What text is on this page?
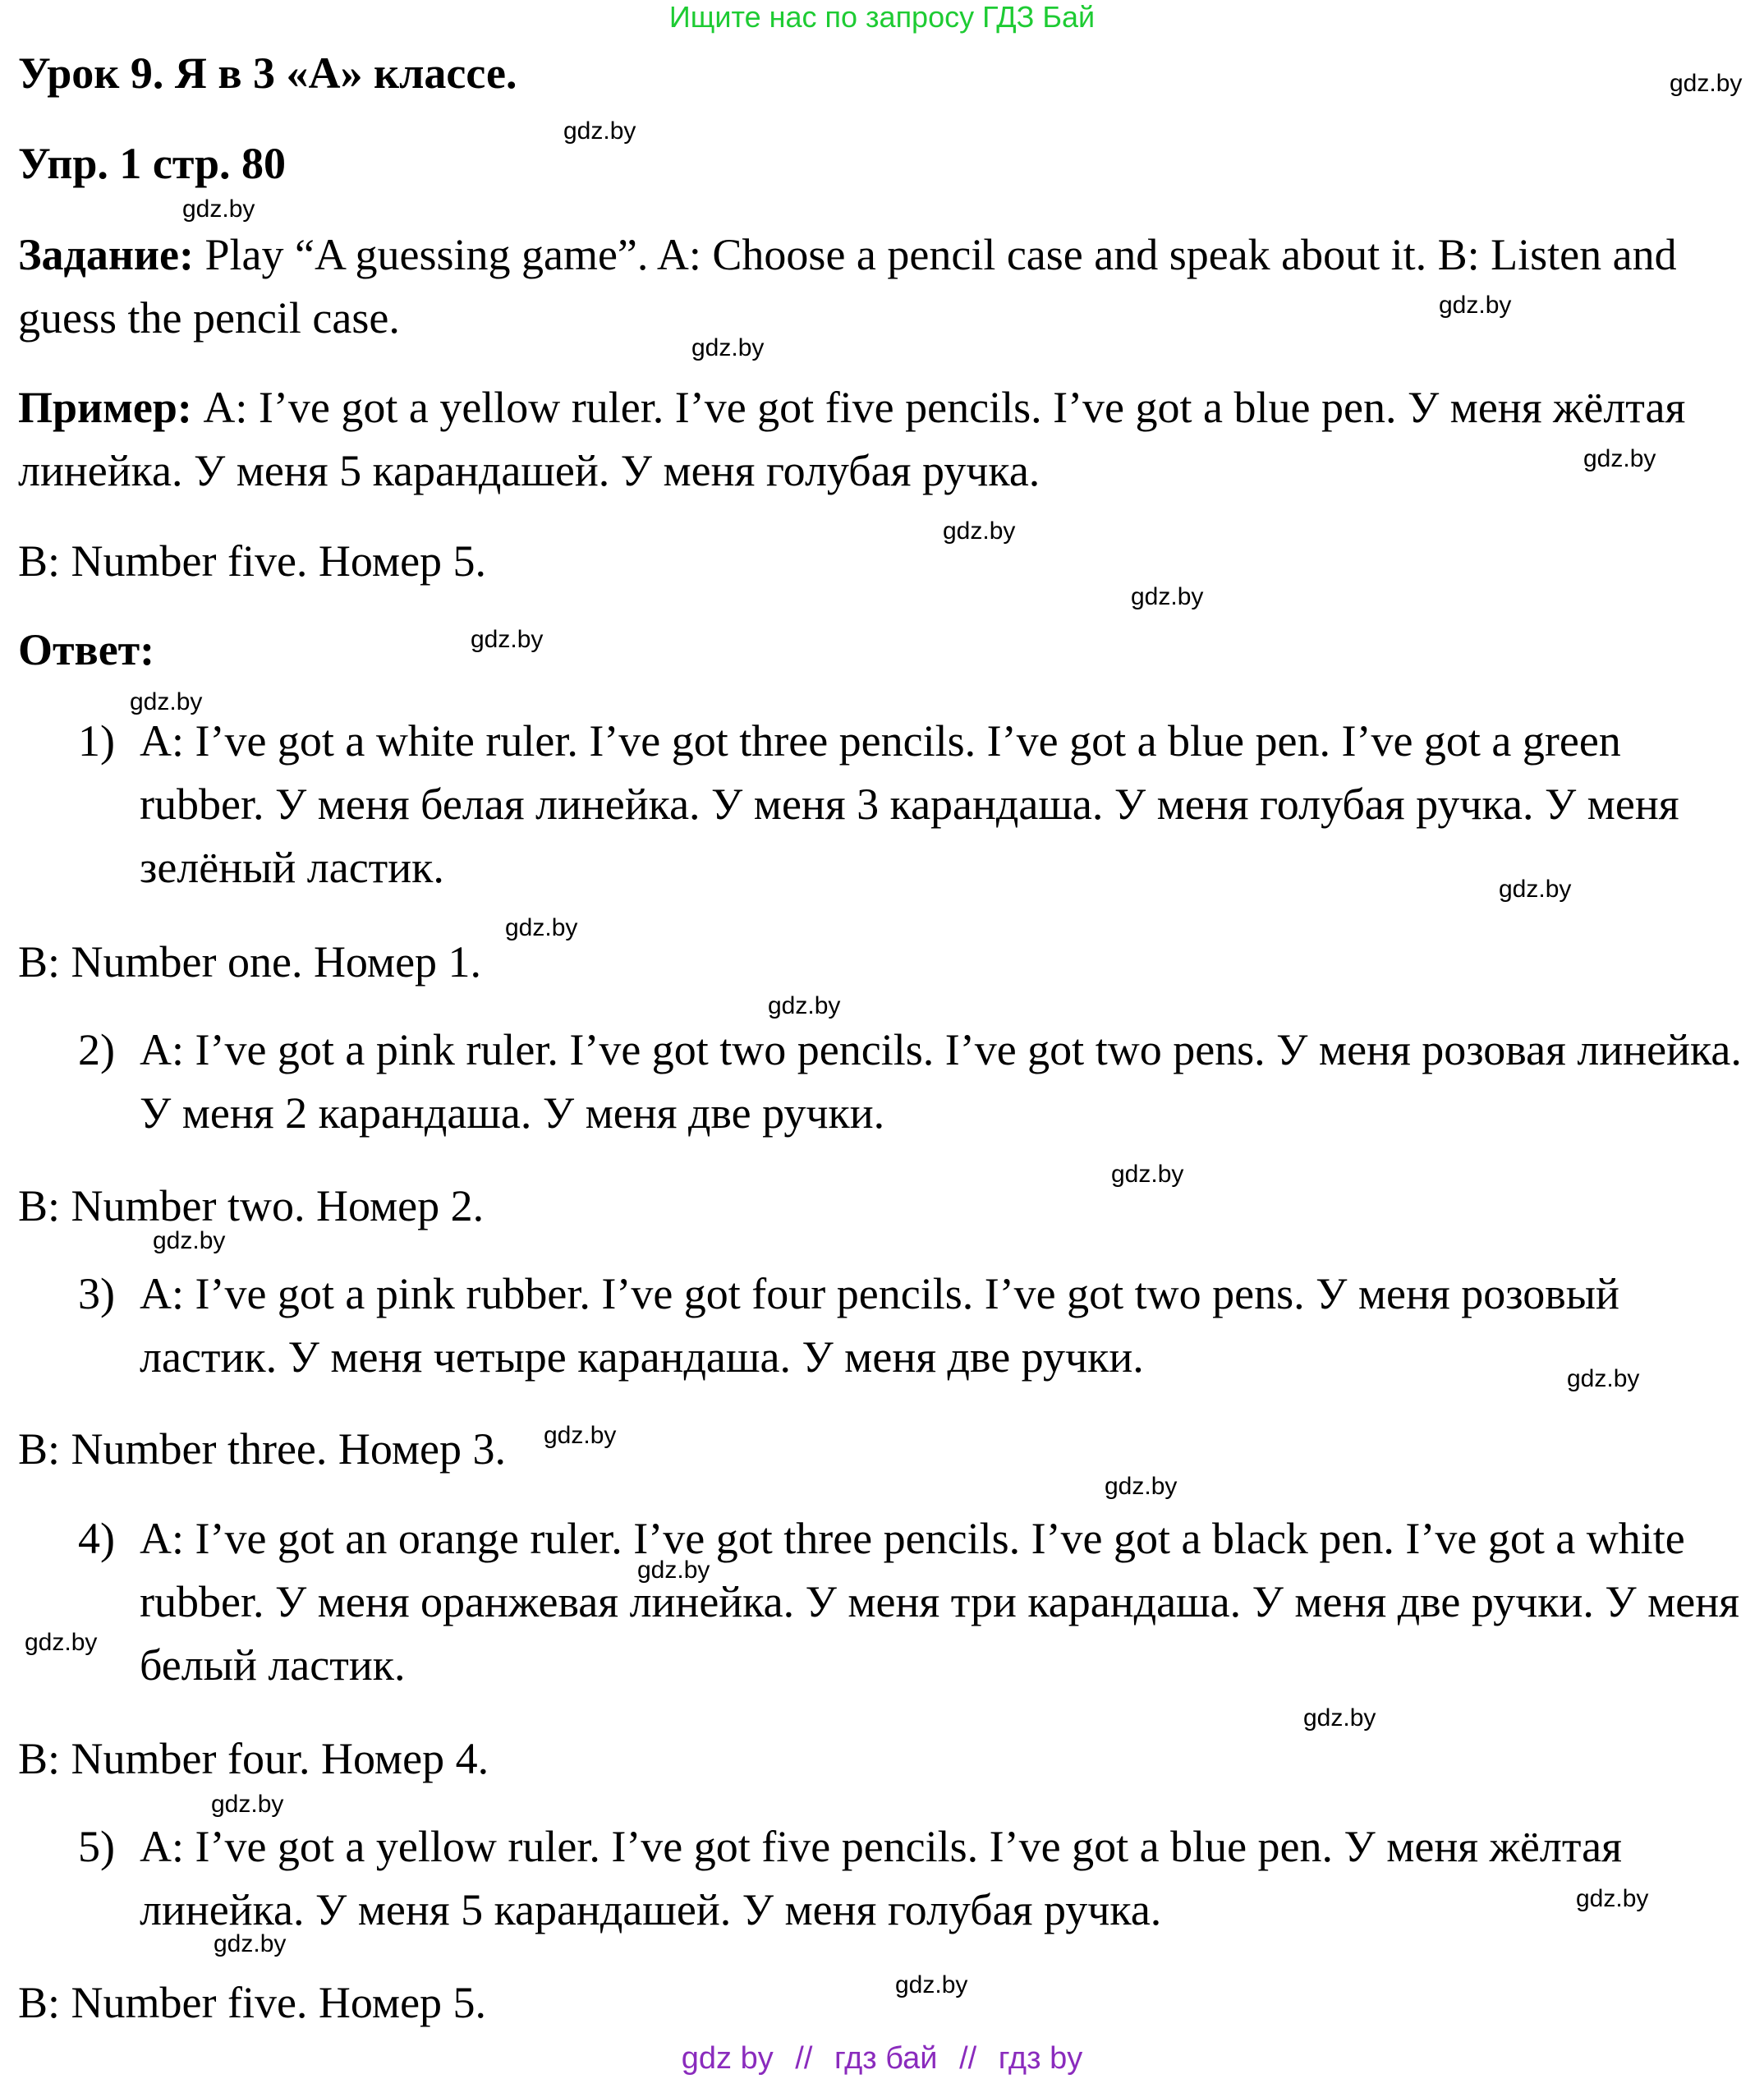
Ищите нас по запросу ГДЗ Бай
Урок 9. Я в 3 «А» классе.
Упр. 1 стр. 80
Задание: Play “A guessing game”. A: Choose a pencil case and speak about it. B: Listen and guess the pencil case.
Пример: A: I’ve got a yellow ruler. I’ve got five pencils. I’ve got a blue pen. У меня жёлтая линейка. У меня 5 карандашей. У меня голубая ручка.
B: Number five. Номер 5.
Ответ:
1) A: I’ve got a white ruler. I’ve got three pencils. I’ve got a blue pen. I’ve got a green rubber. У меня белая линейка. У меня 3 карандаша. У меня голубая ручка. У меня зелёный ластик.
B: Number one. Номер 1.
2) A: I’ve got a pink ruler. I’ve got two pencils. I’ve got two pens. У меня розовая линейка. У меня 2 карандаша. У меня две ручки.
B: Number two. Номер 2.
3) A: I’ve got a pink rubber. I’ve got four pencils. I’ve got two pens. У меня розовый ластик. У меня четыре карандаша. У меня две ручки.
B: Number three. Номер 3.
4) A: I’ve got an orange ruler. I’ve got three pencils. I’ve got a black pen. I’ve got a white rubber. У меня оранжевая линейка. У меня три карандаша. У меня две ручки. У меня белый ластик.
B: Number four. Номер 4.
5) A: I’ve got a yellow ruler. I’ve got five pencils. I’ve got a blue pen. У меня жёлтая линейка. У меня 5 карандашей. У меня голубая ручка.
B: Number five. Номер 5.
gdz.by
gdz.by
gdz.by
gdz.by
gdz.by
gdz.by
gdz.by
gdz.by
gdz.by
gdz.by
gdz.by
gdz.by
gdz.by
gdz.by
gdz.by
gdz.by
gdz.by
gdz.by
gdz.by
gdz.by
gdz.by
gdz.by
gdz.by
gdz.by
gdz.by
gdz by // гдз бай // гдз by
